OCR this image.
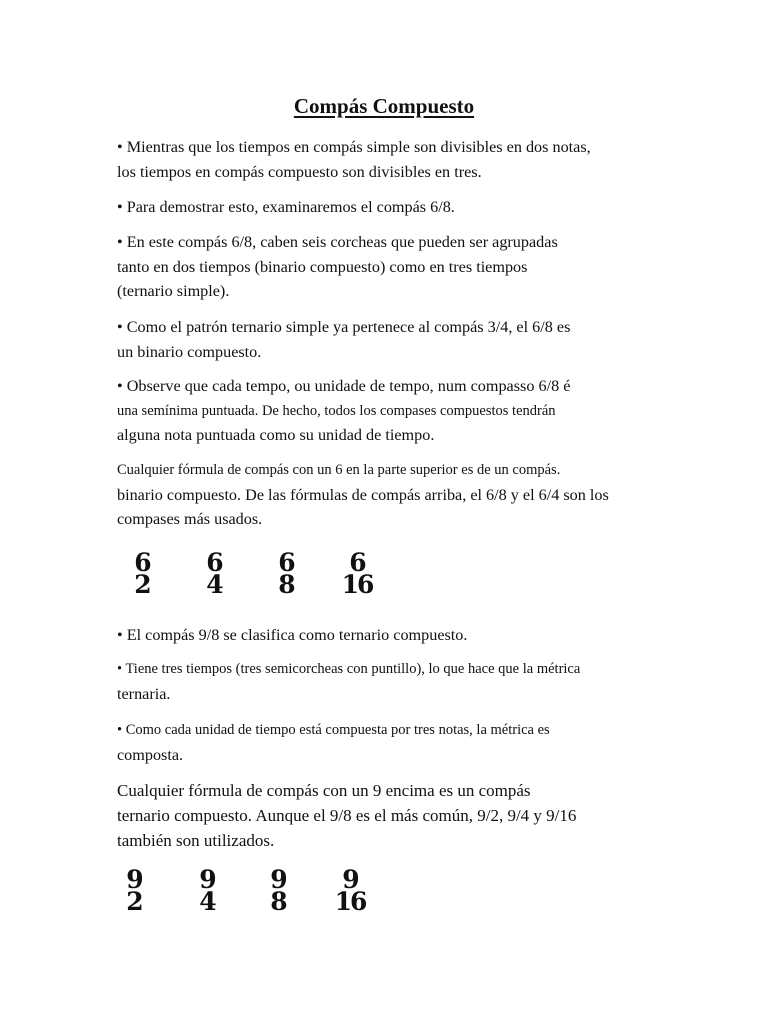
Compás Compuesto
• Mientras que los tiempos en compás simple son divisibles en dos notas,
los tiempos en compás compuesto son divisibles en tres.
• Para demostrar esto, examinaremos el compás 6/8.
• En este compás 6/8, caben seis corcheas que pueden ser agrupadas
tanto en dos tiempos (binario compuesto) como en tres tiempos
(ternario simple).
• Como el patrón ternario simple ya pertenece al compás 3/4, el 6/8 es
un binario compuesto.
• Observe que cada tempo, ou unidade de tempo, num compasso 6/8 é
una semínima puntuada. De hecho, todos los compases compuestos tendrán
alguna nota puntuada como su unidad de tiempo.
Cualquier fórmula de compás con un 6 en la parte superior es de un compás.
binario compuesto. De las fórmulas de compás arriba, el 6/8 y el 6/4 son los
compases más usados.
6
2
6
4
6
8
6
16
• El compás 9/8 se clasifica como ternario compuesto.
• Tiene tres tiempos (tres semicorcheas con puntillo), lo que hace que la métrica
ternaria.
• Como cada unidad de tiempo está compuesta por tres notas, la métrica es
composta.
Cualquier fórmula de compás con un 9 encima es un compás
ternario compuesto. Aunque el 9/8 es el más común, 9/2, 9/4 y 9/16
también son utilizados.
9
2
9
4
9
8
9
16
